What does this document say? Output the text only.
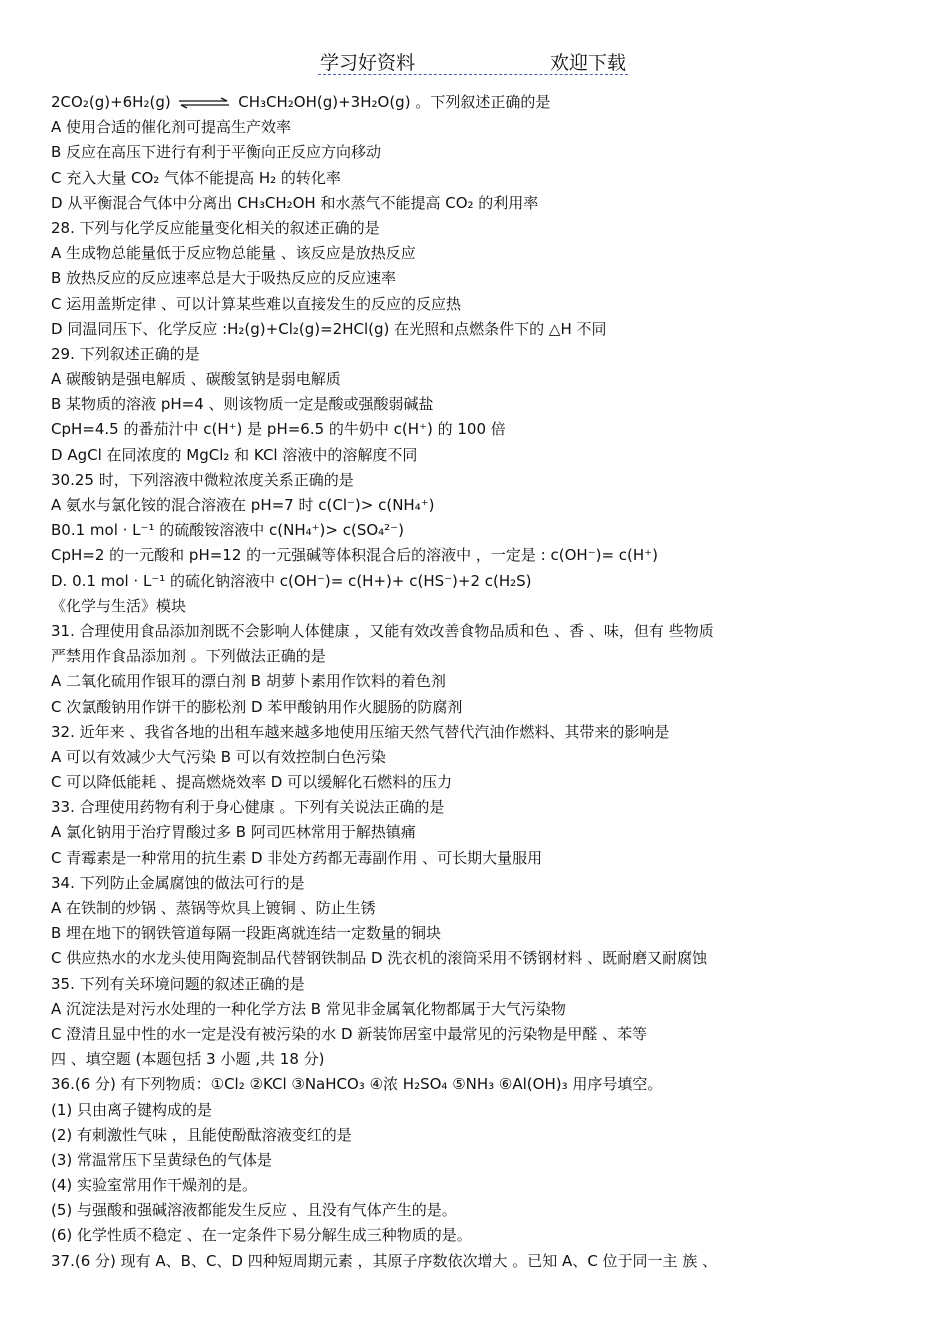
学习好资料	欢迎下载
2CO₂(g)+6H₂(g) ⇌ CH₃CH₂OH(g)+3H₂O(g) 。下列叙述正确的是
A 使用合适的催化剂可提高生产效率
B 反应在高压下进行有利于平衡向正反应方向移动
C 充入大量 CO₂ 气体不能提高 H₂ 的转化率
D 从平衡混合气体中分离出 CH₃CH₂OH 和水蒸气不能提高 CO₂ 的利用率
28. 下列与化学反应能量变化相关的叙述正确的是
A 生成物总能量低于反应物总能量 、该反应是放热反应
B 放热反应的反应速率总是大于吸热反应的反应速率
C 运用盖斯定律 、可以计算某些难以直接发生的反应的反应热
D 同温同压下、化学反应 :H₂(g)+Cl₂(g)=2HCl(g) 在光照和点燃条件下的 △H 不同
29. 下列叙述正确的是
A 碳酸钠是强电解质 、碳酸氢钠是弱电解质
B 某物质的溶液 pH=4 、则该物质一定是酸或强酸弱碱盐
CpH=4.5 的番茄汁中 c(H⁺) 是 pH=6.5 的牛奶中 c(H⁺) 的 100 倍
D AgCl 在同浓度的 MgCl₂ 和 KCl 溶液中的溶解度不同
30.25 时，下列溶液中微粒浓度关系正确的是
A 氨水与氯化铵的混合溶液在 pH=7 时 c(Cl⁻)> c(NH₄⁺)
B0.1 mol · L⁻¹ 的硫酸铵溶液中 c(NH₄⁺)> c(SO₄²⁻)
CpH=2 的一元酸和 pH=12 的一元强碱等体积混合后的溶液中 ，一定是 : c(OH⁻)= c(H⁺)
D. 0.1 mol · L⁻¹ 的硫化钠溶液中 c(OH⁻)= c(H+)+ c(HS⁻)+2 c(H₂S)
《化学与生活》模块
31. 合理使用食品添加剂既不会影响人体健康 ，又能有效改善食物品质和色 、香 、味，但有 些物质
严禁用作食品添加剂 。下列做法正确的是
A 二氧化硫用作银耳的漂白剂 B 胡萝卜素用作饮料的着色剂
C 次氯酸钠用作饼干的膨松剂 D 苯甲酸钠用作火腿肠的防腐剂
32. 近年来 、我省各地的出租车越来越多地使用压缩天然气替代汽油作燃料、其带来的影响是
A 可以有效减少大气污染 B 可以有效控制白色污染
C 可以降低能耗 、提高燃烧效率 D 可以缓解化石燃料的压力
33. 合理使用药物有利于身心健康 。下列有关说法正确的是
A 氯化钠用于治疗胃酸过多 B 阿司匹林常用于解热镇痛
C 青霉素是一种常用的抗生素 D 非处方药都无毒副作用 、可长期大量服用
34. 下列防止金属腐蚀的做法可行的是
A 在铁制的炒锅 、蒸锅等炊具上镀铜 、防止生锈
B 埋在地下的钢铁管道每隔一段距离就连结一定数量的铜块
C 供应热水的水龙头使用陶瓷制品代替钢铁制品 D 洗衣机的滚筒采用不锈钢材料 、既耐磨又耐腐蚀
35. 下列有关环境问题的叙述正确的是
A 沉淀法是对污水处理的一种化学方法 B 常见非金属氧化物都属于大气污染物
C 澄清且显中性的水一定是没有被污染的水 D 新装饰居室中最常见的污染物是甲醛 、苯等
四 、填空题 (本题包括 3 小题 ,共 18 分)
36.(6 分) 有下列物质：①Cl₂ ②KCl ③NaHCO₃ ④浓 H₂SO₄ ⑤NH₃ ⑥Al(OH)₃ 用序号填空。
(1) 只由离子键构成的是
(2) 有刺激性气味 ，且能使酚酞溶液变红的是
(3) 常温常压下呈黄绿色的气体是
(4) 实验室常用作干燥剂的是。
(5) 与强酸和强碱溶液都能发生反应 、且没有气体产生的是。
(6) 化学性质不稳定 、在一定条件下易分解生成三种物质的是。
37.(6 分) 现有 A、B、C、D 四种短周期元素 ，其原子序数依次增大 。已知 A、C 位于同一主 族 、
